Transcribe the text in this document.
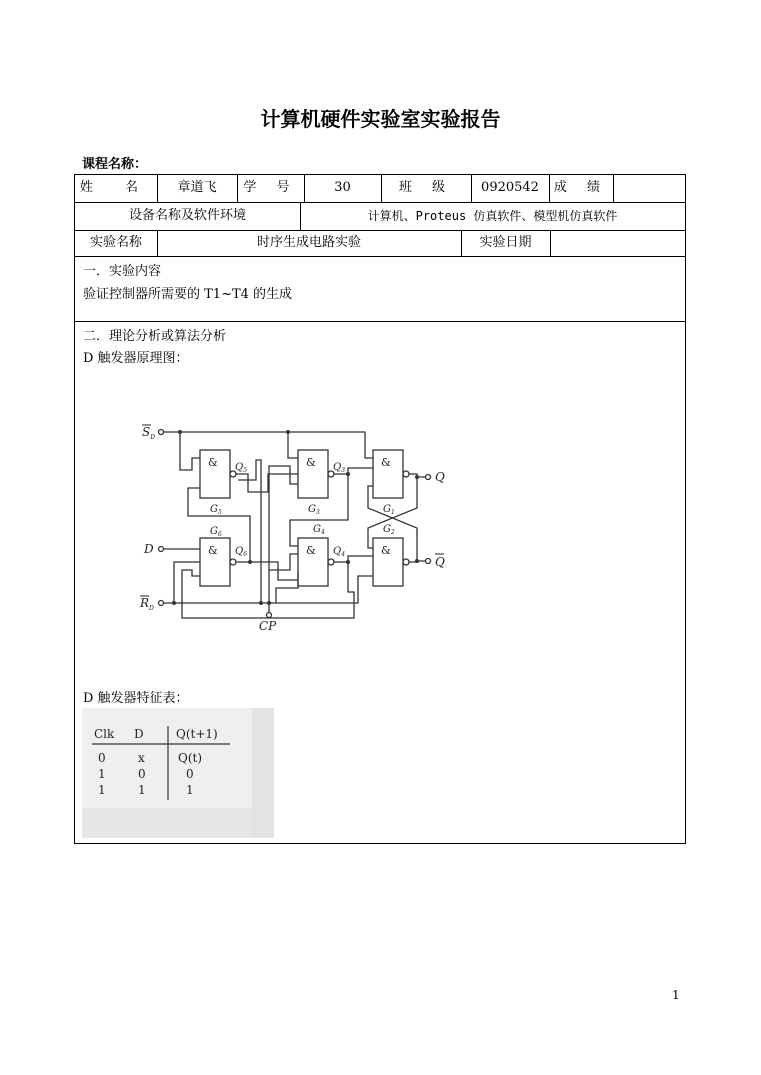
计算机硬件实验室实验报告
课程名称：
姓 名	章道飞	学 号	30	班 级	0920542	成 绩
设备名称及软件环境	计算机、Proteus 仿真软件、模型机仿真软件
实验名称	时序生成电路实验	实验日期
一．实验内容
验证控制器所需要的 T1~T4 的生成
二．理论分析或算法分析
D 触发器原理图：
D 触发器特征表：
&	&	&
&	&	&
$G_5$	$G_3$	$G_1$
$G_6$	$G_4$	$G_2$
$Q_5$	$Q_3$
$Q_6$	$Q_4$
$S_D$
D
$R_D$
CP
Q
Q
Clk D	Q(t+1)
0	x	Q(t)
1	0	0
1	1	1
1
